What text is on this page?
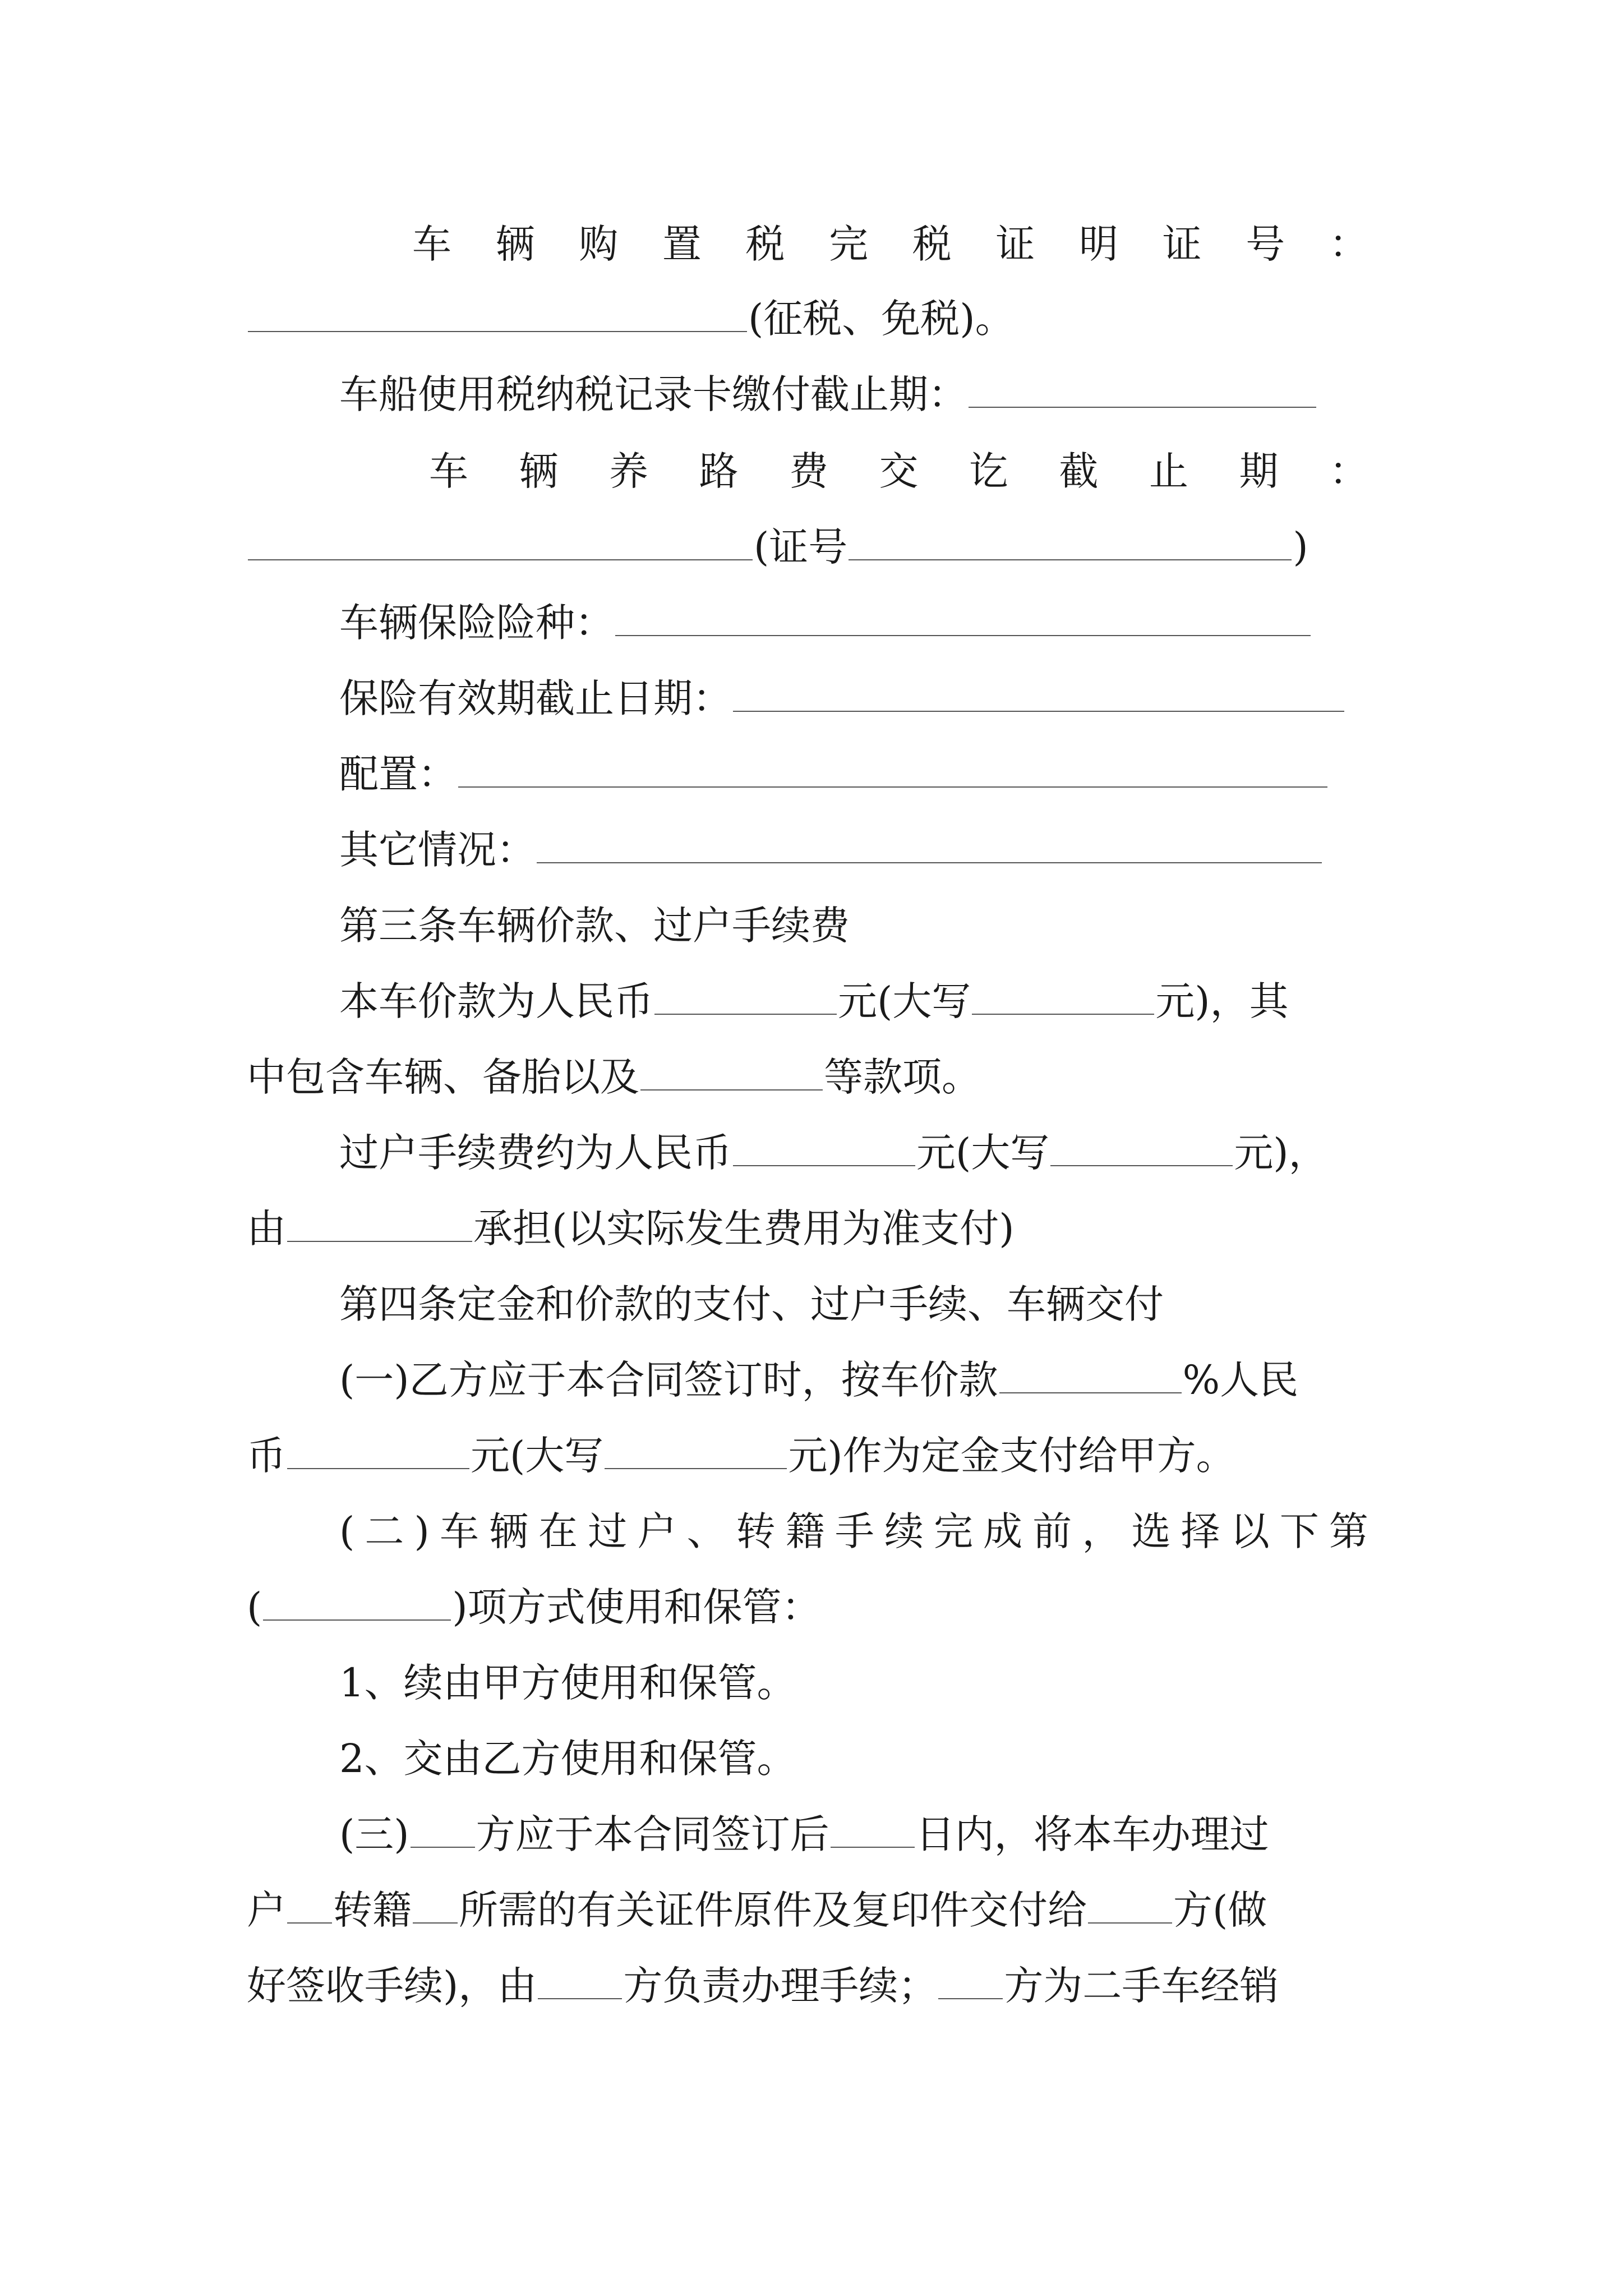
车 辆 购 置 税 完 税 证 明 证 号 ：
(征税、免税)。
车船使用税纳税记录卡缴付截止期：
车 辆 养 路 费 交 讫 截 止 期 ：
(证号	)
车辆保险险种：
保险有效期截止日期：
配置：
其它情况：
第三条车辆价款、过户手续费
本车价款为人民币	元(大写	元)，其
中包含车辆、备胎以及	等款项。
过户手续费约为人民币	元(大写	元)，
由	承担(以实际发生费用为准支付)
第四条定金和价款的支付、过户手续、车辆交付
(一)乙方应于本合同签订时，按车价款	%人民
币	元(大写	元)作为定金支付给甲方。
( 二 ) 车 辆 在 过 户 、 转 籍 手 续 完 成 前 ， 选 择 以 下 第
(	)项方式使用和保管：
1、续由甲方使用和保管。
2、交由乙方使用和保管。
(三) 方应于本合同签订后 日内，将本车办理过
户 转籍 所需的有关证件原件及复印件交付给 方(做
好签收手续)，由 方负责办理手续； 方为二手车经销
